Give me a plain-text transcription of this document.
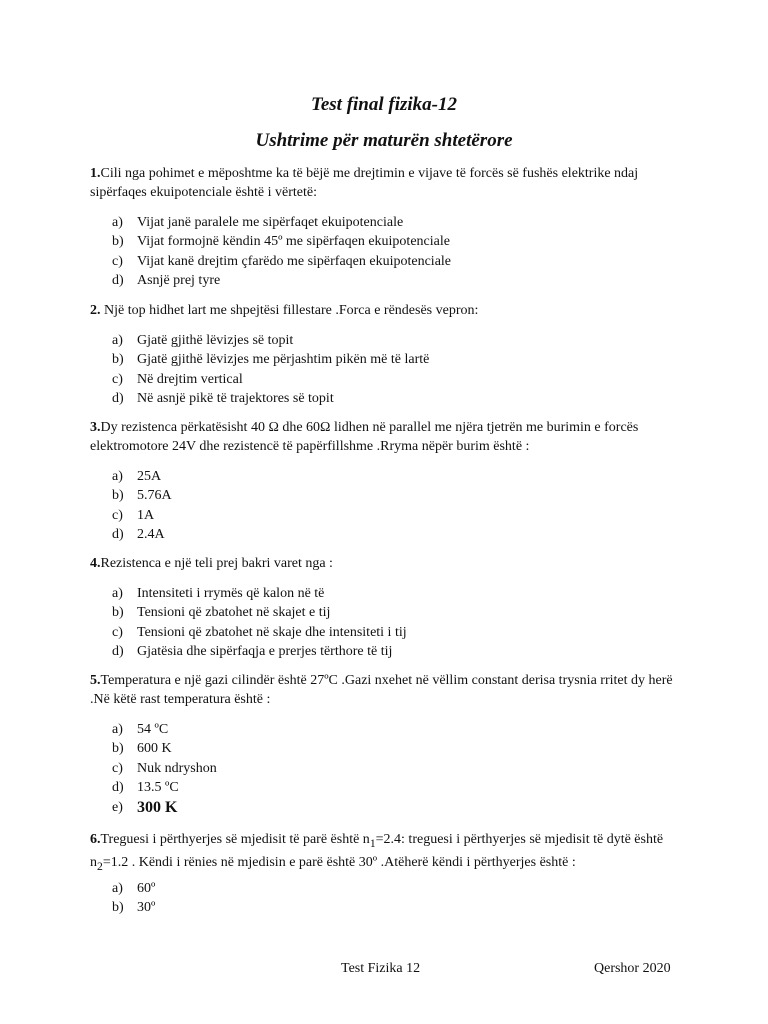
Test final fizika-12
Ushtrime për maturën shtetërore
1.Cili nga pohimet e mëposhtme ka të bëjë me drejtimin e vijave të forcës së fushës elektrike ndaj sipërfaqes ekuipotenciale është i vërtetë:
a)	Vijat janë paralele me sipërfaqet ekuipotenciale
b) Vijat formojnë këndin 45º me sipërfaqen ekuipotenciale
c)	Vijat kanë drejtim çfarëdo me sipërfaqen ekuipotenciale
d) Asnjë prej tyre
2. Një top hidhet lart me shpejtësi fillestare .Forca e rëndesës vepron:
a)	Gjatë gjithë lëvizjes së topit
b) Gjatë gjithë lëvizjes me përjashtim pikën më të lartë
c)	Në drejtim vertical
d) Në asnjë pikë të trajektores së topit
3.Dy rezistenca përkatësisht 40 Ω dhe 60Ω lidhen në parallel me njëra tjetrën me burimin e forcës elektromotore 24V dhe rezistencë të papërfillshme .Rryma nëpër burim është :
a)	25A
b) 5.76A
c)	1A
d) 2.4A
4.Rezistenca e një teli prej bakri varet nga :
a)	Intensiteti i rrymës që kalon në të
b) Tensioni që zbatohet në skajet e tij
c)	Tensioni që zbatohet në skaje dhe intensiteti i tij
d) Gjatësia dhe sipërfaqja e prerjes tërthore të tij
5.Temperatura e një gazi cilindër është 27ºC .Gazi nxehet në vëllim constant derisa trysnia rritet dy herë .Në këtë rast temperatura është :
a)	54 ºC
b) 600 K
c)	Nuk ndryshon
d) 13.5 ºC
e) 300 K
6.Treguesi i përthyerjes së mjedisit të parë është $n_1=2.4$: treguesi i përthyerjes së mjedisit të dytë është $n_2=1.2$ . Këndi i rënies në mjedisin e parë është 30º .Atëherë këndi i përthyerjes është :
a)	60º
b) 30º
Test Fizika 12	Qershor 2020
